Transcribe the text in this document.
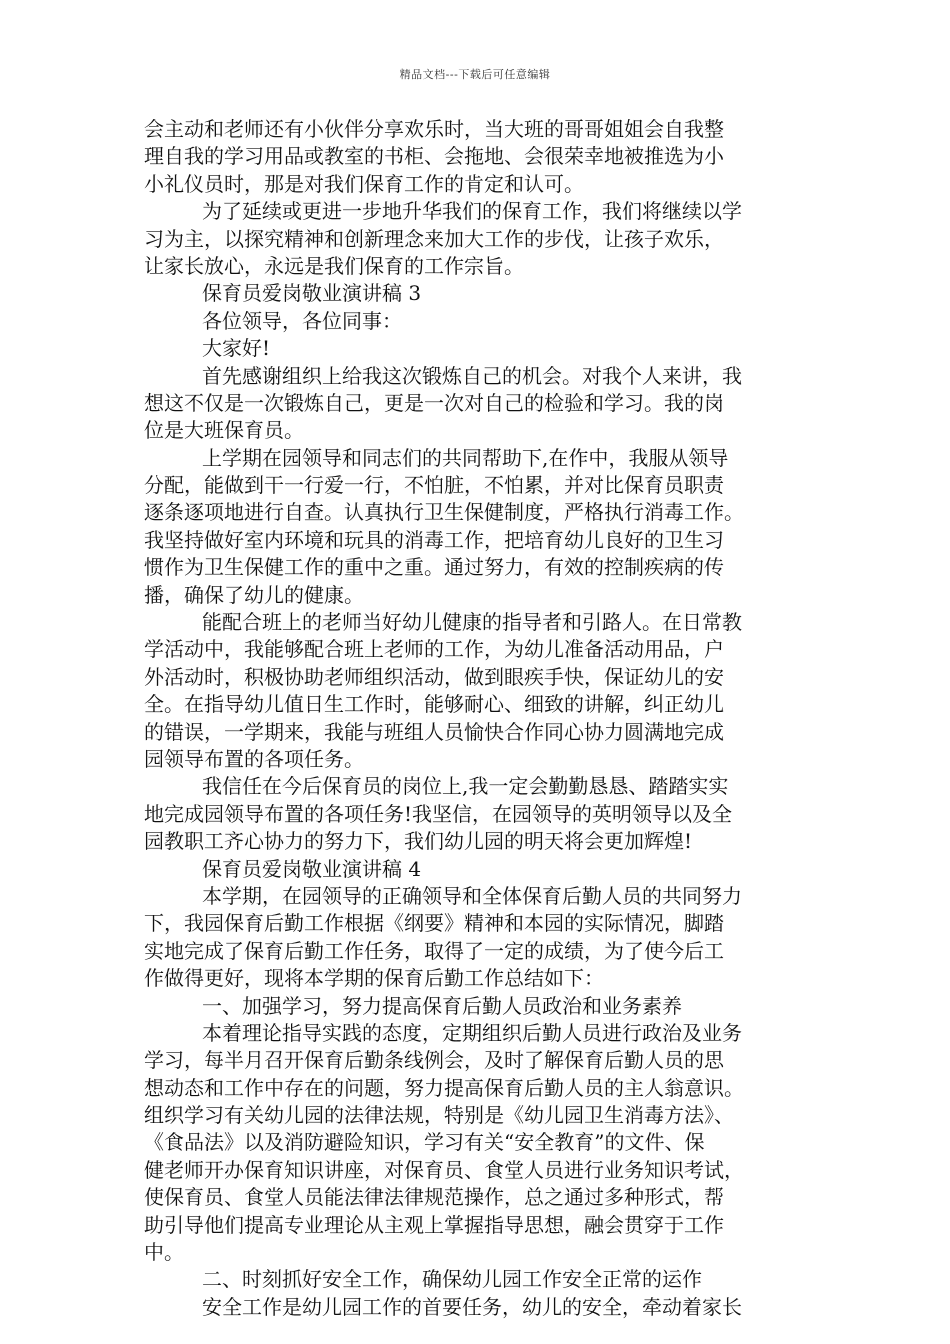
精品文档---下载后可任意编辑
会主动和老师还有小伙伴分享欢乐时，当大班的哥哥姐姐会自我整
理自我的学习用品或教室的书柜、会拖地、会很荣幸地被推选为小
小礼仪员时，那是对我们保育工作的肯定和认可。
为了延续或更进一步地升华我们的保育工作，我们将继续以学
习为主，以探究精神和创新理念来加大工作的步伐，让孩子欢乐，
让家长放心，永远是我们保育的工作宗旨。
保育员爱岗敬业演讲稿 3
各位领导，各位同事：
大家好!
首先感谢组织上给我这次锻炼自己的机会。对我个人来讲，我
想这不仅是一次锻炼自己，更是一次对自己的检验和学习。我的岗
位是大班保育员。
上学期在园领导和同志们的共同帮助下,在作中，我服从领导
分配，能做到干一行爱一行，不怕脏，不怕累，并对比保育员职责
逐条逐项地进行自查。认真执行卫生保健制度，严格执行消毒工作。
我坚持做好室内环境和玩具的消毒工作，把培育幼儿良好的卫生习
惯作为卫生保健工作的重中之重。通过努力，有效的控制疾病的传
播，确保了幼儿的健康。
能配合班上的老师当好幼儿健康的指导者和引路人。在日常教
学活动中，我能够配合班上老师的工作，为幼儿准备活动用品，户
外活动时，积极协助老师组织活动，做到眼疾手快，保证幼儿的安
全。在指导幼儿值日生工作时，能够耐心、细致的讲解，纠正幼儿
的错误，一学期来，我能与班组人员愉快合作同心协力圆满地完成
园领导布置的各项任务。
我信任在今后保育员的岗位上,我一定会勤勤恳恳、踏踏实实
地完成园领导布置的各项任务!我坚信，在园领导的英明领导以及全
园教职工齐心协力的努力下，我们幼儿园的明天将会更加辉煌!
保育员爱岗敬业演讲稿 4
本学期，在园领导的正确领导和全体保育后勤人员的共同努力
下，我园保育后勤工作根据《纲要》精神和本园的实际情况，脚踏
实地完成了保育后勤工作任务，取得了一定的成绩，为了使今后工
作做得更好，现将本学期的保育后勤工作总结如下：
一、加强学习，努力提高保育后勤人员政治和业务素养
本着理论指导实践的态度，定期组织后勤人员进行政治及业务
学习，每半月召开保育后勤条线例会，及时了解保育后勤人员的思
想动态和工作中存在的问题，努力提高保育后勤人员的主人翁意识。
组织学习有关幼儿园的法律法规，特别是《幼儿园卫生消毒方法》、
《食品法》以及消防避险知识，学习有关“安全教育”的文件、保
健老师开办保育知识讲座，对保育员、食堂人员进行业务知识考试，
使保育员、食堂人员能法律法律规范操作，总之通过多种形式，帮
助引导他们提高专业理论从主观上掌握指导思想，融会贯穿于工作
中。
二、时刻抓好安全工作，确保幼儿园工作安全正常的运作
安全工作是幼儿园工作的首要任务，幼儿的安全，牵动着家长
